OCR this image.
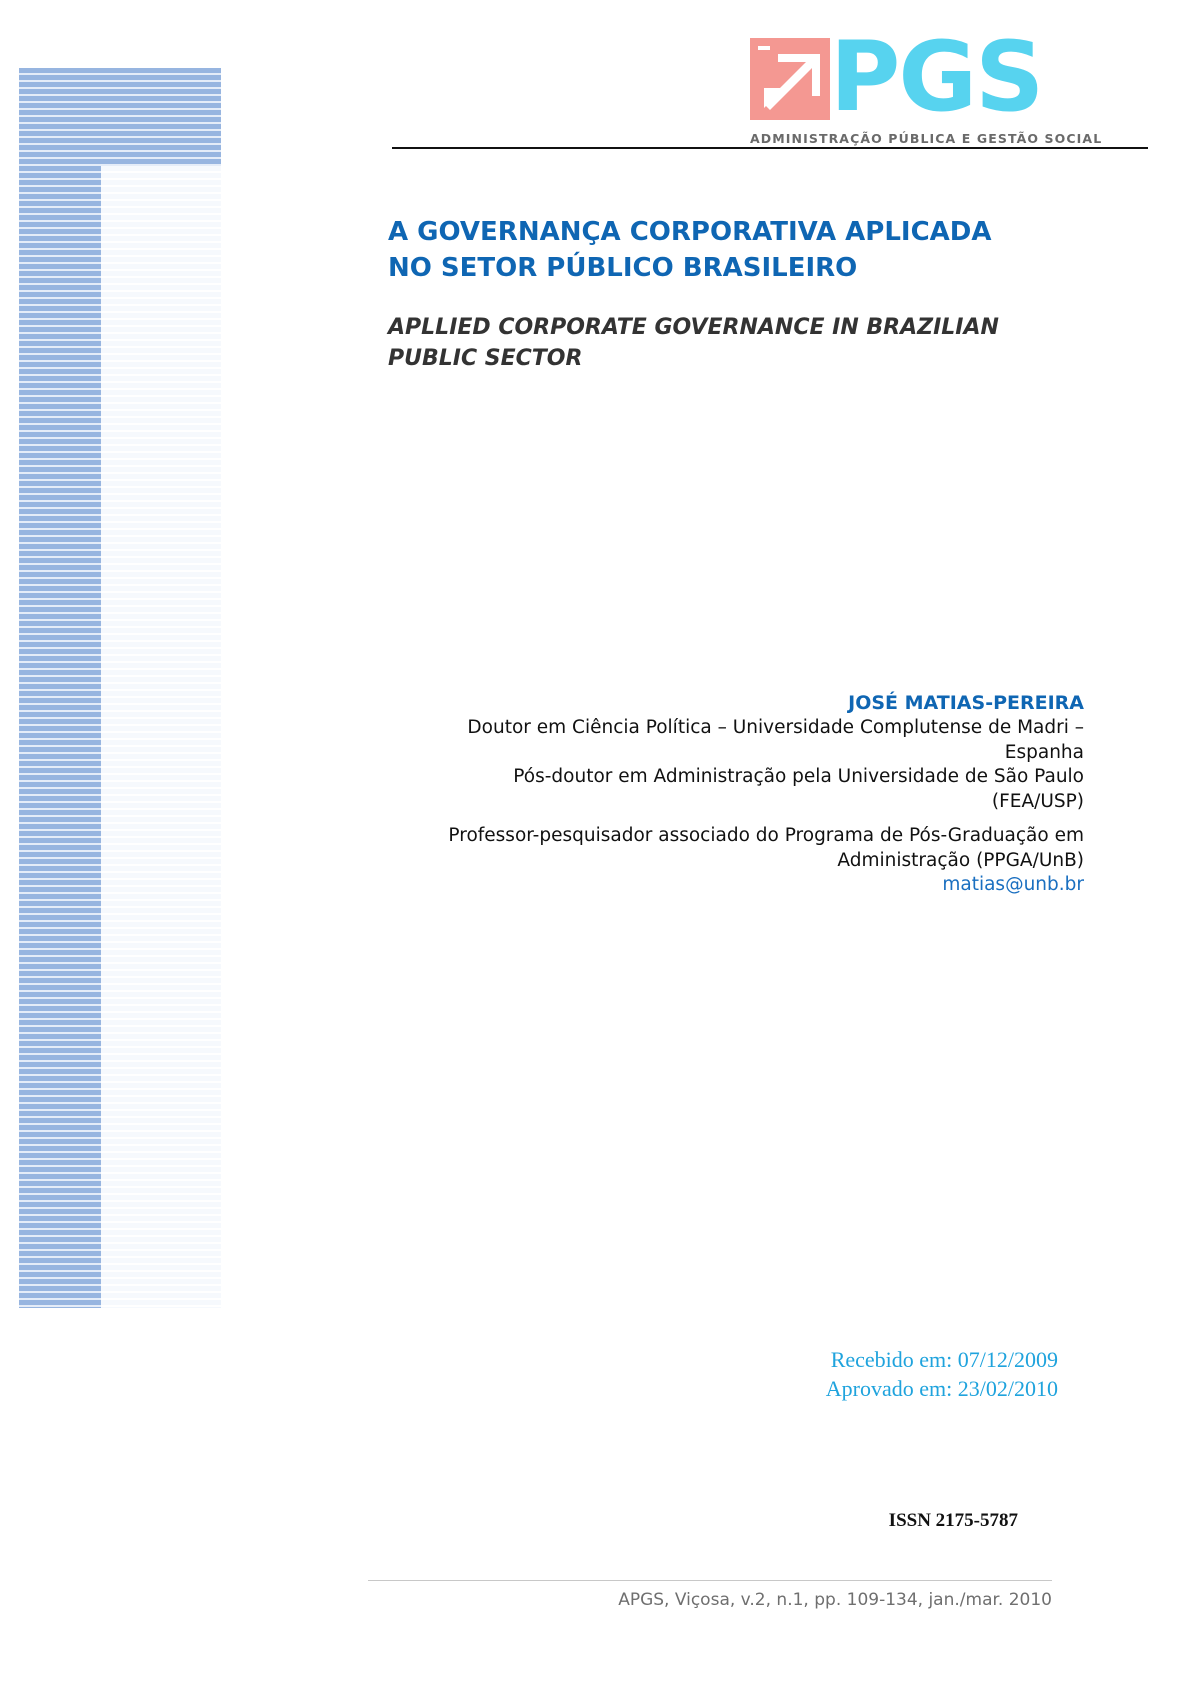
PGS
ADMINISTRAÇÃO PÚBLICA E GESTÃO SOCIAL
A GOVERNANÇA CORPORATIVA APLICADA
NO SETOR PÚBLICO BRASILEIRO
APLLIED CORPORATE GOVERNANCE IN BRAZILIAN
PUBLIC SECTOR
JOSÉ MATIAS-PEREIRA
Doutor em Ciência Política – Universidade Complutense de Madri –
Espanha
Pós-doutor em Administração pela Universidade de São Paulo
(FEA/USP)
Professor-pesquisador associado do Programa de Pós-Graduação em
Administração (PPGA/UnB)
matias@unb.br
Recebido em: 07/12/2009
Aprovado em: 23/02/2010
ISSN 2175-5787
APGS, Viçosa, v.2, n.1, pp. 109-134, jan./mar. 2010
